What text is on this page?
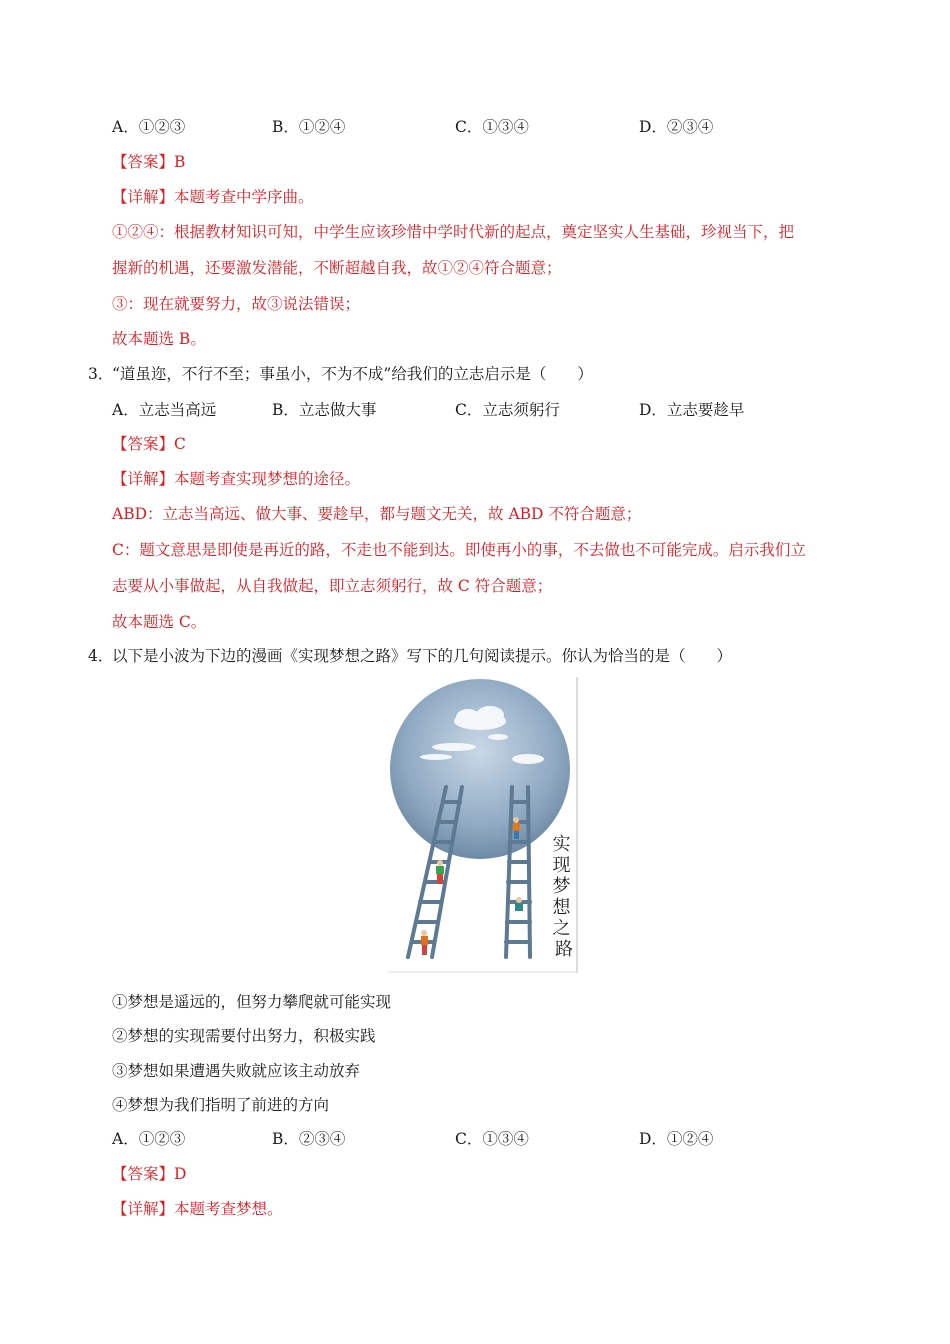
A．①②③	B．①②④	C．①③④	D．②③④
【答案】B
【详解】本题考查中学序曲。
①②④：根据教材知识可知，中学生应该珍惜中学时代新的起点，奠定坚实人生基础，珍视当下，把
握新的机遇，还要激发潜能，不断超越自我，故①②④符合题意；
③：现在就要努力，故③说法错误；
故本题选 B。
3．
“道虽迩，不行不至；事虽小，不为不成”给我们的立志启示是（　　）
A．立志当高远	B．立志做大事	C．立志须躬行	D．立志要趁早
【答案】C
【详解】本题考查实现梦想的途径。
ABD：立志当高远、做大事、要趁早，都与题文无关，故 ABD 不符合题意；
C：题文意思是即使是再近的路，不走也不能到达。即使再小的事，不去做也不可能完成。启示我们立
志要从小事做起，从自我做起，即立志须躬行，故 C 符合题意；
故本题选 C。
4．
以下是小波为下边的漫画《实现梦想之路》写下的几句阅读提示。你认为恰当的是（　　）
实 现 梦 想 之 路
①梦想是遥远的，但努力攀爬就可能实现
②梦想的实现需要付出努力，积极实践
③梦想如果遭遇失败就应该主动放弃
④梦想为我们指明了前进的方向
A．①②③	B．②③④	C．①③④	D．①②④
【答案】D
【详解】本题考查梦想。
